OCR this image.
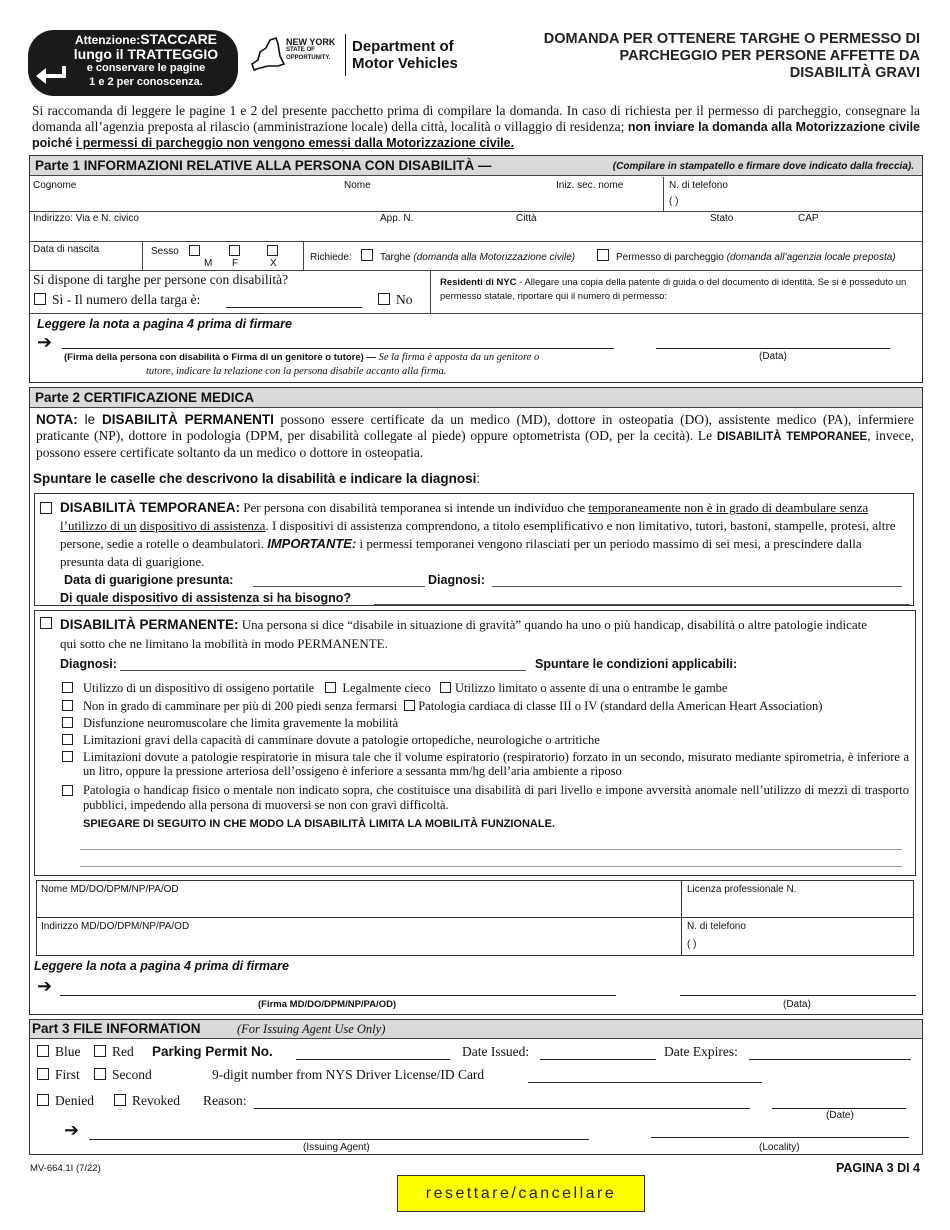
Attenzione:STACCARE
lungo il TRATTEGGIO
e conservare le pagine
1 e 2 per conoscenza.
NEW YORK
STATE OF
OPPORTUNITY.
Department of
Motor Vehicles
DOMANDA PER OTTENERE TARGHE O PERMESSO DI
PARCHEGGIO PER PERSONE AFFETTE DA
DISABILITÀ GRAVI
Si raccomanda di leggere le pagine 1 e 2 del presente pacchetto prima di compilare la domanda. In caso di richiesta per il permesso di parcheggio, consegnare la domanda all’agenzia preposta al rilascio (amministrazione locale) della città, località o villaggio di residenza; non inviare la domanda alla Motorizzazione civile poiché i permessi di parcheggio non vengono emessi dalla Motorizzazione civile.
Parte 1 INFORMAZIONI RELATIVE ALLA PERSONA CON DISABILITÀ —	(Compilare in stampatello e firmare dove indicato dalla freccia).
Cognome	Nome	Iniz. sec. nome	N. di telefono
( )
Indirizzo: Via e N. civico	App. N.	Città	Stato	CAP
Data di nascita	Sesso
M F	X
Richiede:	Targhe (domanda alla Motorizzazione civile)	Permesso di parcheggio (domanda all’agenzia locale preposta)
Si dispone di targhe per persone con disabilità?
Sì - Il numero della targa è:	No
Residenti di NYC - Allegare una copia della patente di guida o del documento di identità. Se si è posseduto un permesso statale, riportare qui il numero di permesso:
Leggere la nota a pagina 4 prima di firmare
➔
(Firma della persona con disabilità o Firma di un genitore o tutore) — Se la firma è apposta da un genitore o
tutore, indicare la relazione con la persona disabile accanto alla firma.
(Data)
Parte 2 CERTIFICAZIONE MEDICA
NOTA: le DISABILITÀ PERMANENTI possono essere certificate da un medico (MD), dottore in osteopatia (DO), assistente medico (PA), infermiere praticante (NP), dottore in podologia (DPM, per disabilità collegate al piede) oppure optometrista (OD, per la cecità). Le DISABILITÀ TEMPORANEE, invece, possono essere certificate soltanto da un medico o dottore in osteopatia.
Spuntare le caselle che descrivono la disabilità e indicare la diagnosi:
DISABILITÀ TEMPORANEA: Per persona con disabilità temporanea si intende un individuo che temporaneamente non è in grado di deambulare senza l’utilizzo di un dispositivo di assistenza. I dispositivi di assistenza comprendono, a titolo esemplificativo e non limitativo, tutori, bastoni, stampelle, protesi, altre persone, sedie a rotelle o deambulatori. IMPORTANTE: i permessi temporanei vengono rilasciati per un periodo massimo di sei mesi, a prescindere dalla presunta data di guarigione.
Data di guarigione presunta:	Diagnosi:
Di quale dispositivo di assistenza si ha bisogno?
DISABILITÀ PERMANENTE: Una persona si dice “disabile in situazione di gravità” quando ha uno o più handicap, disabilità o altre patologie indicate qui sotto che ne limitano la mobilità in modo PERMANENTE.
Diagnosi:	Spuntare le condizioni applicabili:
Utilizzo di un dispositivo di ossigeno portatile Legalmente cieco Utilizzo limitato o assente di una o entrambe le gambe
Non in grado di camminare per più di 200 piedi senza fermarsi Patologia cardiaca di classe III o IV (standard della American Heart Association)
Disfunzione neuromuscolare che limita gravemente la mobilità
Limitazioni gravi della capacità di camminare dovute a patologie ortopediche, neurologiche o artritiche
Limitazioni dovute a patologie respiratorie in misura tale che il volume espiratorio (respiratorio) forzato in un secondo, misurato mediante spirometria, è inferiore a un litro, oppure la pressione arteriosa dell’ossigeno è inferiore a sessanta mm/hg dell’aria ambiente a riposo
Patologia o handicap fisico o mentale non indicato sopra, che costituisce una disabilità di pari livello e impone avversità anomale nell’utilizzo di mezzi di trasporto pubblici, impedendo alla persona di muoversi se non con gravi difficoltà.
SPIEGARE DI SEGUITO IN CHE MODO LA DISABILITÀ LIMITA LA MOBILITÀ FUNZIONALE.
Nome MD/DO/DPM/NP/PA/OD	Licenza professionale N.
Indirizzo MD/DO/DPM/NP/PA/OD	N. di telefono
( )
Leggere la nota a pagina 4 prima di firmare
➔
(Firma MD/DO/DPM/NP/PA/OD)	(Data)
Part 3 FILE INFORMATION	(For Issuing Agent Use Only)
Blue Red Parking Permit No.	Date Issued:	Date Expires:
First Second	9-digit number from NYS Driver License/ID Card
Denied	Revoked Reason:
(Date)
➔
(Issuing Agent)	(Locality)
MV-664.1I (7/22)	PAGINA 3 DI 4
resettare/cancellare
